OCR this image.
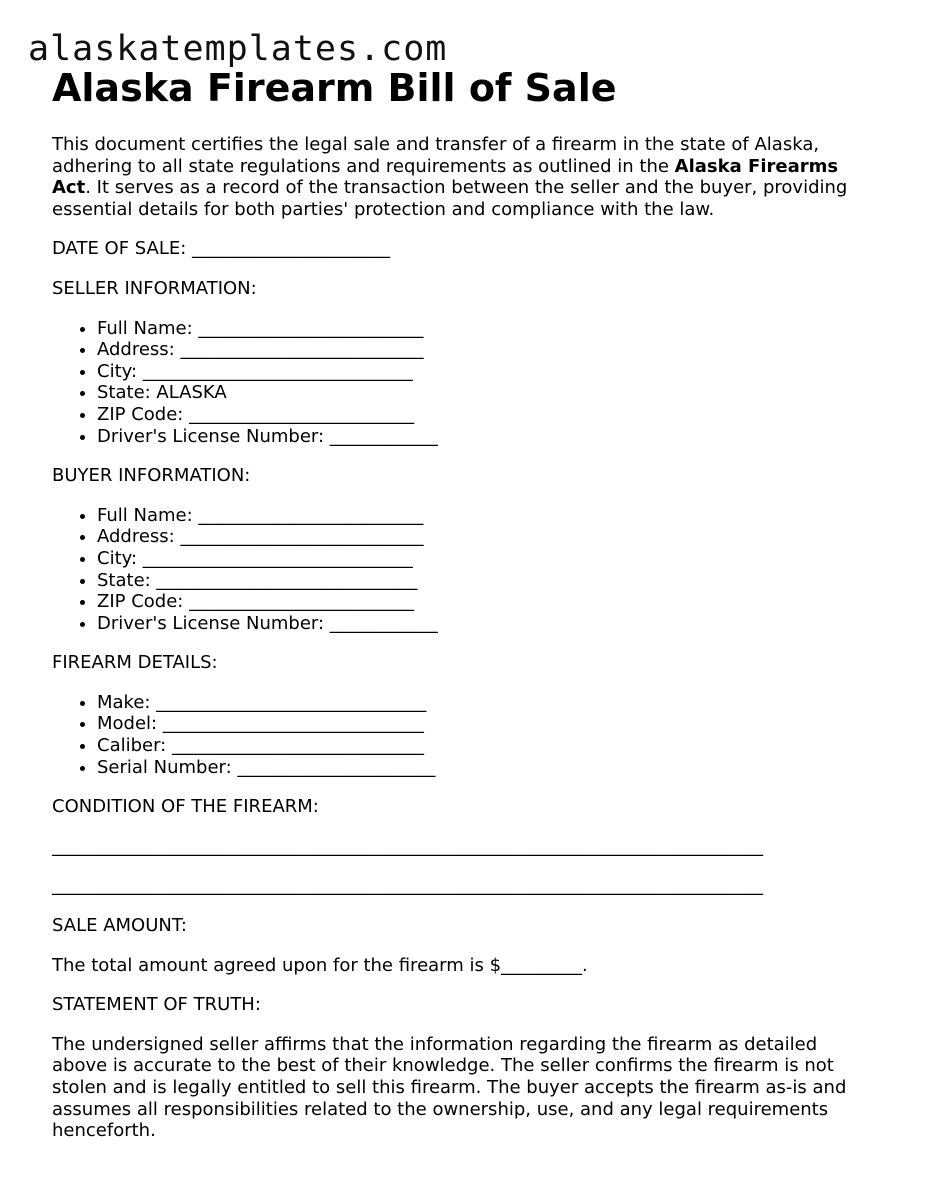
alaskatemplates.com
Alaska Firearm Bill of Sale

This document certifies the legal sale and transfer of a firearm in the state of Alaska, adhering to all state regulations and requirements as outlined in the Alaska Firearms Act. It serves as a record of the transaction between the seller and the buyer, providing essential details for both parties' protection and compliance with the law.

DATE OF SALE: ______________________

SELLER INFORMATION:

• Full Name: _________________________
• Address: ___________________________
• City: ______________________________
• State: ALASKA
• ZIP Code: _________________________
• Driver's License Number: ____________

BUYER INFORMATION:

• Full Name: _________________________
• Address: ___________________________
• City: ______________________________
• State: _____________________________
• ZIP Code: _________________________
• Driver's License Number: ____________

FIREARM DETAILS:

• Make: ______________________________
• Model: _____________________________
• Caliber: ____________________________
• Serial Number: ______________________

CONDITION OF THE FIREARM:

_______________________________________________________________________________

_______________________________________________________________________________

SALE AMOUNT:

The total amount agreed upon for the firearm is $_________.

STATEMENT OF TRUTH:

The undersigned seller affirms that the information regarding the firearm as detailed above is accurate to the best of their knowledge. The seller confirms the firearm is not stolen and is legally entitled to sell this firearm. The buyer accepts the firearm as-is and assumes all responsibilities related to the ownership, use, and any legal requirements henceforth.
